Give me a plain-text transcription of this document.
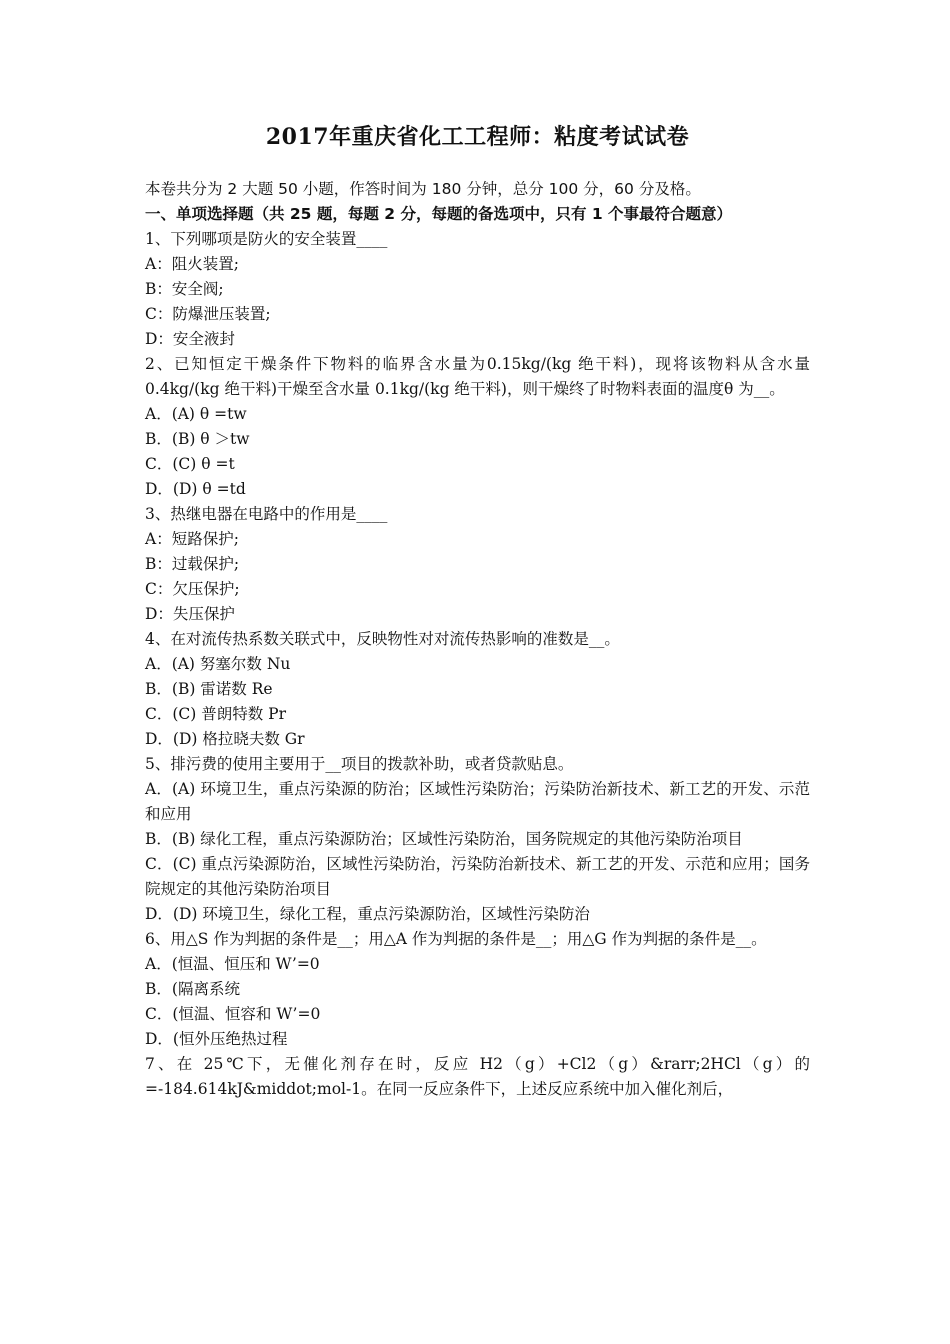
2017年重庆省化工工程师：粘度考试试卷

本卷共分为 2 大题 50 小题，作答时间为 180 分钟，总分 100 分，60 分及格。

一、单项选择题（共 25 题，每题 2 分，每题的备选项中，只有 1 个事最符合题意）

1、下列哪项是防火的安全装置____

A：阻火装置;

B：安全阀;

C：防爆泄压装置;

D：安全液封

2、已知恒定干燥条件下物料的临界含水量为0.15kg/(kg 绝干料)，现将该物料从含水量 0.4kg/(kg 绝干料)干燥至含水量 0.1kg/(kg 绝干料)，则干燥终了时物料表面的温度θ 为__。

A．(A) θ =tw

B．(B) θ ＞tw

C．(C) θ =t

D．(D) θ =td

3、热继电器在电路中的作用是____

A：短路保护;

B：过载保护;

C：欠压保护;

D：失压保护

4、在对流传热系数关联式中，反映物性对对流传热影响的准数是__。

A．(A) 努塞尔数 Nu

B．(B) 雷诺数 Re

C．(C) 普朗特数 Pr

D．(D) 格拉晓夫数 Gr

5、排污费的使用主要用于__项目的拨款补助，或者贷款贴息。

A．(A) 环境卫生，重点污染源的防治；区域性污染防治；污染防治新技术、新工艺的开发、示范和应用

B．(B) 绿化工程，重点污染源防治；区域性污染防治，国务院规定的其他污染防治项目

C．(C) 重点污染源防治，区域性污染防治，污染防治新技术、新工艺的开发、示范和应用；国务院规定的其他污染防治项目

D．(D) 环境卫生，绿化工程，重点污染源防治，区域性污染防治

6、用△S 作为判据的条件是__；用△A 作为判据的条件是__；用△G 作为判据的条件是__。

A．(恒温、恒压和 W’=0

B．(隔离系统

C．(恒温、恒容和 W’=0

D．(恒外压绝热过程

7、在 25℃下，无催化剂存在时，反应 H2（g）+Cl2（g）&rarr;2HCl（g）的=-184.614kJ&middot;mol-1。在同一反应条件下，上述反应系统中加入催化剂后，
